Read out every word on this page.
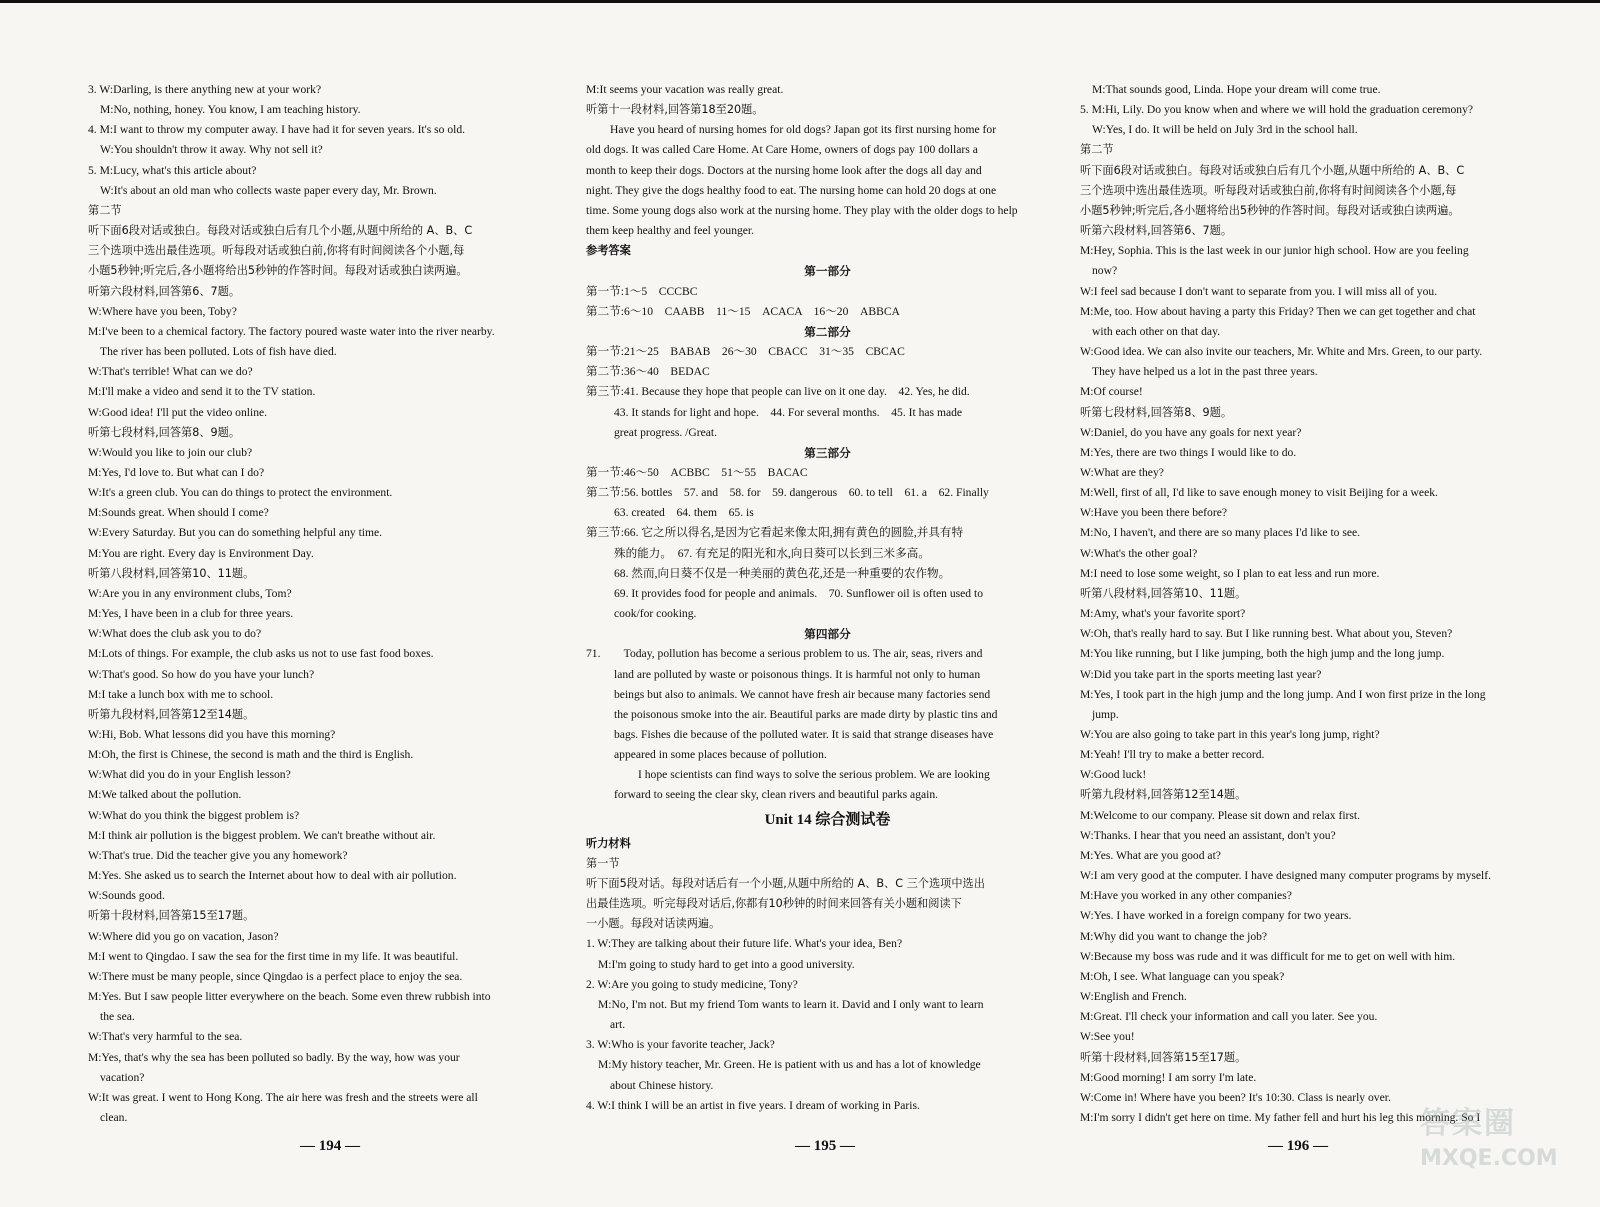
3. W:Darling, is there anything new at your work?
M:No, nothing, honey. You know, I am teaching history.
4. M:I want to throw my computer away. I have had it for seven years. It's so old.
W:You shouldn't throw it away. Why not sell it?
5. M:Lucy, what's this article about?
W:It's about an old man who collects waste paper every day, Mr. Brown.
第二节
听下面6段对话或独白。每段对话或独白后有几个小题,从题中所给的 A、B、C
三个选项中选出最佳选项。听每段对话或独白前,你将有时间阅读各个小题,每
小题5秒钟;听完后,各小题将给出5秒钟的作答时间。每段对话或独白读两遍。
听第六段材料,回答第6、7题。
W:Where have you been, Toby?
M:I've been to a chemical factory. The factory poured waste water into the river nearby.
The river has been polluted. Lots of fish have died.
W:That's terrible! What can we do?
M:I'll make a video and send it to the TV station.
W:Good idea! I'll put the video online.
听第七段材料,回答第8、9题。
W:Would you like to join our club?
M:Yes, I'd love to. But what can I do?
W:It's a green club. You can do things to protect the environment.
M:Sounds great. When should I come?
W:Every Saturday. But you can do something helpful any time.
M:You are right. Every day is Environment Day.
听第八段材料,回答第10、11题。
W:Are you in any environment clubs, Tom?
M:Yes, I have been in a club for three years.
W:What does the club ask you to do?
M:Lots of things. For example, the club asks us not to use fast food boxes.
W:That's good. So how do you have your lunch?
M:I take a lunch box with me to school.
听第九段材料,回答第12至14题。
W:Hi, Bob. What lessons did you have this morning?
M:Oh, the first is Chinese, the second is math and the third is English.
W:What did you do in your English lesson?
M:We talked about the pollution.
W:What do you think the biggest problem is?
M:I think air pollution is the biggest problem. We can't breathe without air.
W:That's true. Did the teacher give you any homework?
M:Yes. She asked us to search the Internet about how to deal with air pollution.
W:Sounds good.
听第十段材料,回答第15至17题。
W:Where did you go on vacation, Jason?
M:I went to Qingdao. I saw the sea for the first time in my life. It was beautiful.
W:There must be many people, since Qingdao is a perfect place to enjoy the sea.
M:Yes. But I saw people litter everywhere on the beach. Some even threw rubbish into
the sea.
W:That's very harmful to the sea.
M:Yes, that's why the sea has been polluted so badly. By the way, how was your
vacation?
W:It was great. I went to Hong Kong. The air here was fresh and the streets were all
clean.
M:It seems your vacation was really great.
听第十一段材料,回答第18至20题。
Have you heard of nursing homes for old dogs? Japan got its first nursing home for
old dogs. It was called Care Home. At Care Home, owners of dogs pay 100 dollars a
month to keep their dogs. Doctors at the nursing home look after the dogs all day and
night. They give the dogs healthy food to eat. The nursing home can hold 20 dogs at one
time. Some young dogs also work at the nursing home. They play with the older dogs to help
them keep healthy and feel younger.
参考答案
第一部分
第一节:1～5　CCCBC
第二节:6～10　CAABB　11～15　ACACA　16～20　ABBCA
第二部分
第一节:21～25　BABAB　26～30　CBACC　31～35　CBCAC
第二节:36～40　BEDAC
第三节:41. Because they hope that people can live on it one day.　42. Yes, he did.
43. It stands for light and hope.　44. For several months.　45. It has made
great progress. /Great.
第三部分
第一节:46～50　ACBBC　51～55　BACAC
第二节:56. bottles　57. and　58. for　59. dangerous　60. to tell　61. a　62. Finally
63. created　64. them　65. is
第三节:66. 它之所以得名,是因为它看起来像太阳,拥有黄色的圆脸,并具有特
殊的能力。　67. 有充足的阳光和水,向日葵可以长到三米多高。
68. 然而,向日葵不仅是一种美丽的黄色花,还是一种重要的农作物。
69. It provides food for people and animals.　70. Sunflower oil is often used to
cook/for cooking.
第四部分
71.　　Today, pollution has become a serious problem to us. The air, seas, rivers and
land are polluted by waste or poisonous things. It is harmful not only to human
beings but also to animals. We cannot have fresh air because many factories send
the poisonous smoke into the air. Beautiful parks are made dirty by plastic tins and
bags. Fishes die because of the polluted water. It is said that strange diseases have
appeared in some places because of pollution.
I hope scientists can find ways to solve the serious problem. We are looking
forward to seeing the clear sky, clean rivers and beautiful parks again.
Unit 14 综合测试卷
听力材料
第一节
听下面5段对话。每段对话后有一个小题,从题中所给的 A、B、C 三个选项中选出
出最佳选项。听完每段对话后,你都有10秒钟的时间来回答有关小题和阅读下
一小题。每段对话读两遍。
1. W:They are talking about their future life. What's your idea, Ben?
M:I'm going to study hard to get into a good university.
2. W:Are you going to study medicine, Tony?
M:No, I'm not. But my friend Tom wants to learn it. David and I only want to learn
art.
3. W:Who is your favorite teacher, Jack?
M:My history teacher, Mr. Green. He is patient with us and has a lot of knowledge
about Chinese history.
4. W:I think I will be an artist in five years. I dream of working in Paris.
M:That sounds good, Linda. Hope your dream will come true.
5. M:Hi, Lily. Do you know when and where we will hold the graduation ceremony?
W:Yes, I do. It will be held on July 3rd in the school hall.
第二节
听下面6段对话或独白。每段对话或独白后有几个小题,从题中所给的 A、B、C
三个选项中选出最佳选项。听每段对话或独白前,你将有时间阅读各个小题,每
小题5秒钟;听完后,各小题将给出5秒钟的作答时间。每段对话或独白读两遍。
听第六段材料,回答第6、7题。
M:Hey, Sophia. This is the last week in our junior high school. How are you feeling
now?
W:I feel sad because I don't want to separate from you. I will miss all of you.
M:Me, too. How about having a party this Friday? Then we can get together and chat
with each other on that day.
W:Good idea. We can also invite our teachers, Mr. White and Mrs. Green, to our party.
They have helped us a lot in the past three years.
M:Of course!
听第七段材料,回答第8、9题。
W:Daniel, do you have any goals for next year?
M:Yes, there are two things I would like to do.
W:What are they?
M:Well, first of all, I'd like to save enough money to visit Beijing for a week.
W:Have you been there before?
M:No, I haven't, and there are so many places I'd like to see.
W:What's the other goal?
M:I need to lose some weight, so I plan to eat less and run more.
听第八段材料,回答第10、11题。
M:Amy, what's your favorite sport?
W:Oh, that's really hard to say. But I like running best. What about you, Steven?
M:You like running, but I like jumping, both the high jump and the long jump.
W:Did you take part in the sports meeting last year?
M:Yes, I took part in the high jump and the long jump. And I won first prize in the long
jump.
W:You are also going to take part in this year's long jump, right?
M:Yeah! I'll try to make a better record.
W:Good luck!
听第九段材料,回答第12至14题。
M:Welcome to our company. Please sit down and relax first.
W:Thanks. I hear that you need an assistant, don't you?
M:Yes. What are you good at?
W:I am very good at the computer. I have designed many computer programs by myself.
M:Have you worked in any other companies?
W:Yes. I have worked in a foreign company for two years.
M:Why did you want to change the job?
W:Because my boss was rude and it was difficult for me to get on well with him.
M:Oh, I see. What language can you speak?
W:English and French.
M:Great. I'll check your information and call you later. See you.
W:See you!
听第十段材料,回答第15至17题。
M:Good morning! I am sorry I'm late.
W:Come in! Where have you been? It's 10:30. Class is nearly over.
M:I'm sorry I didn't get here on time. My father fell and hurt his leg this morning. So I
— 194 —	— 195 —	— 196 —
答案圈
MXQE.COM
